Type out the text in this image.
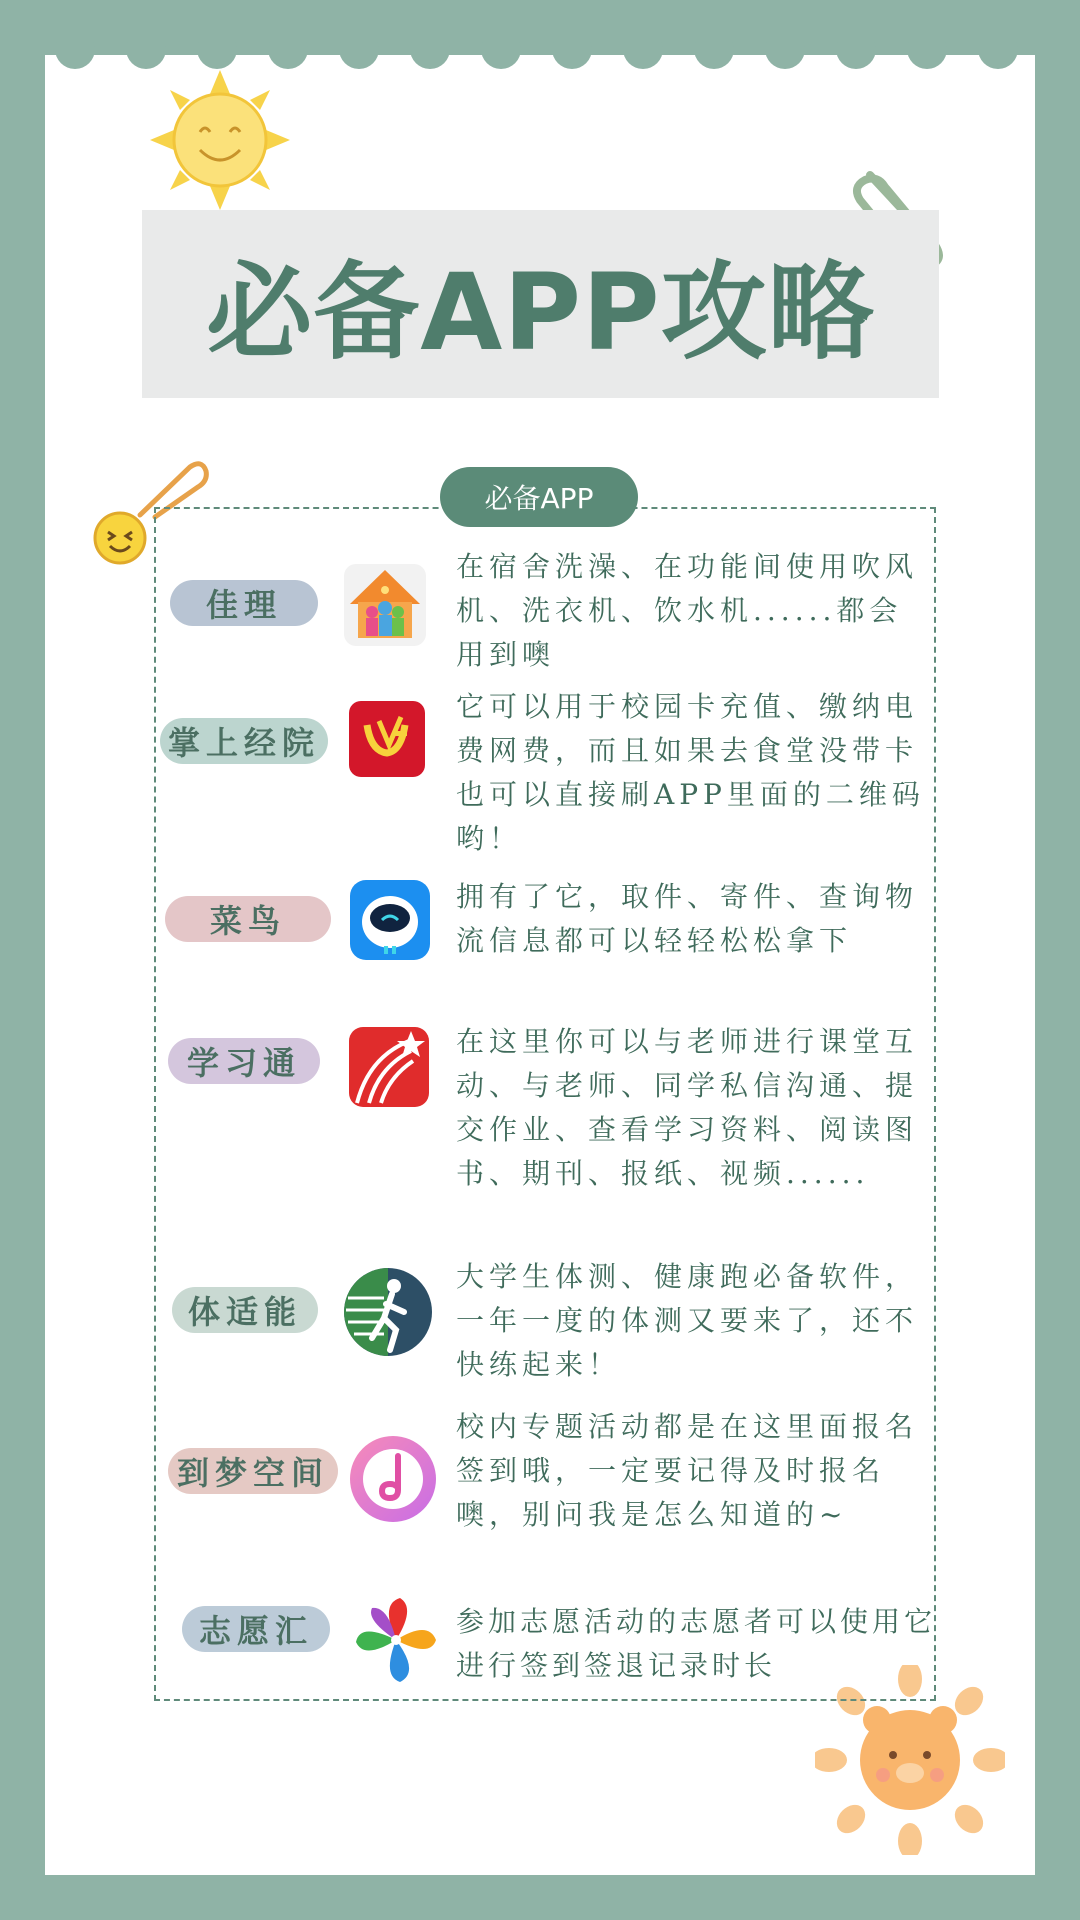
必备APP攻略
必备APP
佳理
在宿舍洗澡、在功能间使用吹风机、洗衣机、饮水机......都会用到噢
掌上经院
它可以用于校园卡充值、缴纳电费网费，而且如果去食堂没带卡也可以直接刷APP里面的二维码哟！
菜鸟
拥有了它，取件、寄件、查询物流信息都可以轻轻松松拿下
学习通
在这里你可以与老师进行课堂互动、与老师、同学私信沟通、提交作业、查看学习资料、阅读图书、期刊、报纸、视频......
体适能
大学生体测、健康跑必备软件，一年一度的体测又要来了，还不快练起来！
到梦空间
校内专题活动都是在这里面报名签到哦，一定要记得及时报名噢，别问我是怎么知道的~
志愿汇	参加志愿活动的志愿者可以使用它进行签到签退记录时长
